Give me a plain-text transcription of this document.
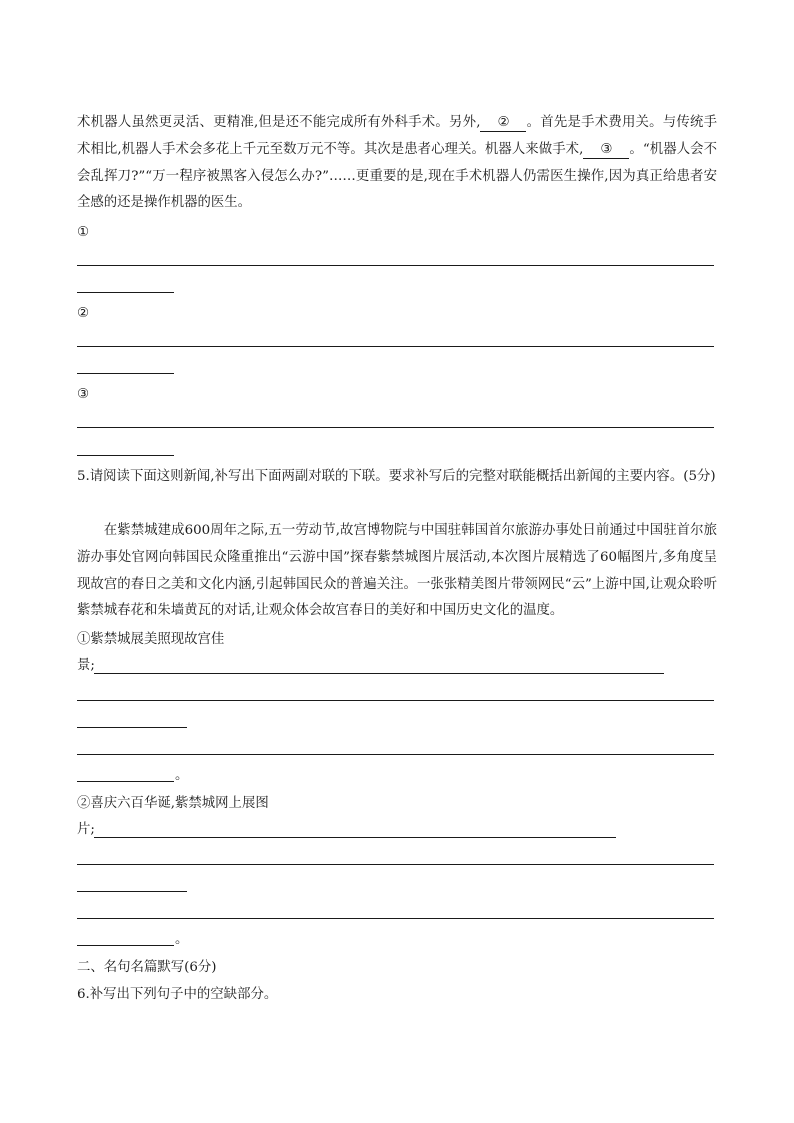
术机器人虽然更灵活、更精准,但是还不能完成所有外科手术。另外, ② 。首先是手术费用关。与传统手术相比,机器人手术会多花上千元至数万元不等。其次是患者心理关。机器人来做手术, ③ 。“机器人会不会乱挥刀?”“万一程序被黑客入侵怎么办?”……更重要的是,现在手术机器人仍需医生操作,因为真正给患者安全感的还是操作机器的医生。

①
②
③

5.请阅读下面这则新闻,补写出下面两副对联的下联。要求补写后的完整对联能概括出新闻的主要内容。(5分)

在紫禁城建成600周年之际,五一劳动节,故宫博物院与中国驻韩国首尔旅游办事处日前通过中国驻首尔旅游办事处官网向韩国民众隆重推出“云游中国”探春紫禁城图片展活动,本次图片展精选了60幅图片,多角度呈现故宫的春日之美和文化内涵,引起韩国民众的普遍关注。一张张精美图片带领网民“云”上游中国,让观众聆听紫禁城春花和朱墙黄瓦的对话,让观众体会故宫春日的美好和中国历史文化的温度。

①紫禁城展美照现故宫佳
景;
。
②喜庆六百华诞,紫禁城网上展图
片;
。
二、名句名篇默写(6分)
6.补写出下列句子中的空缺部分。
